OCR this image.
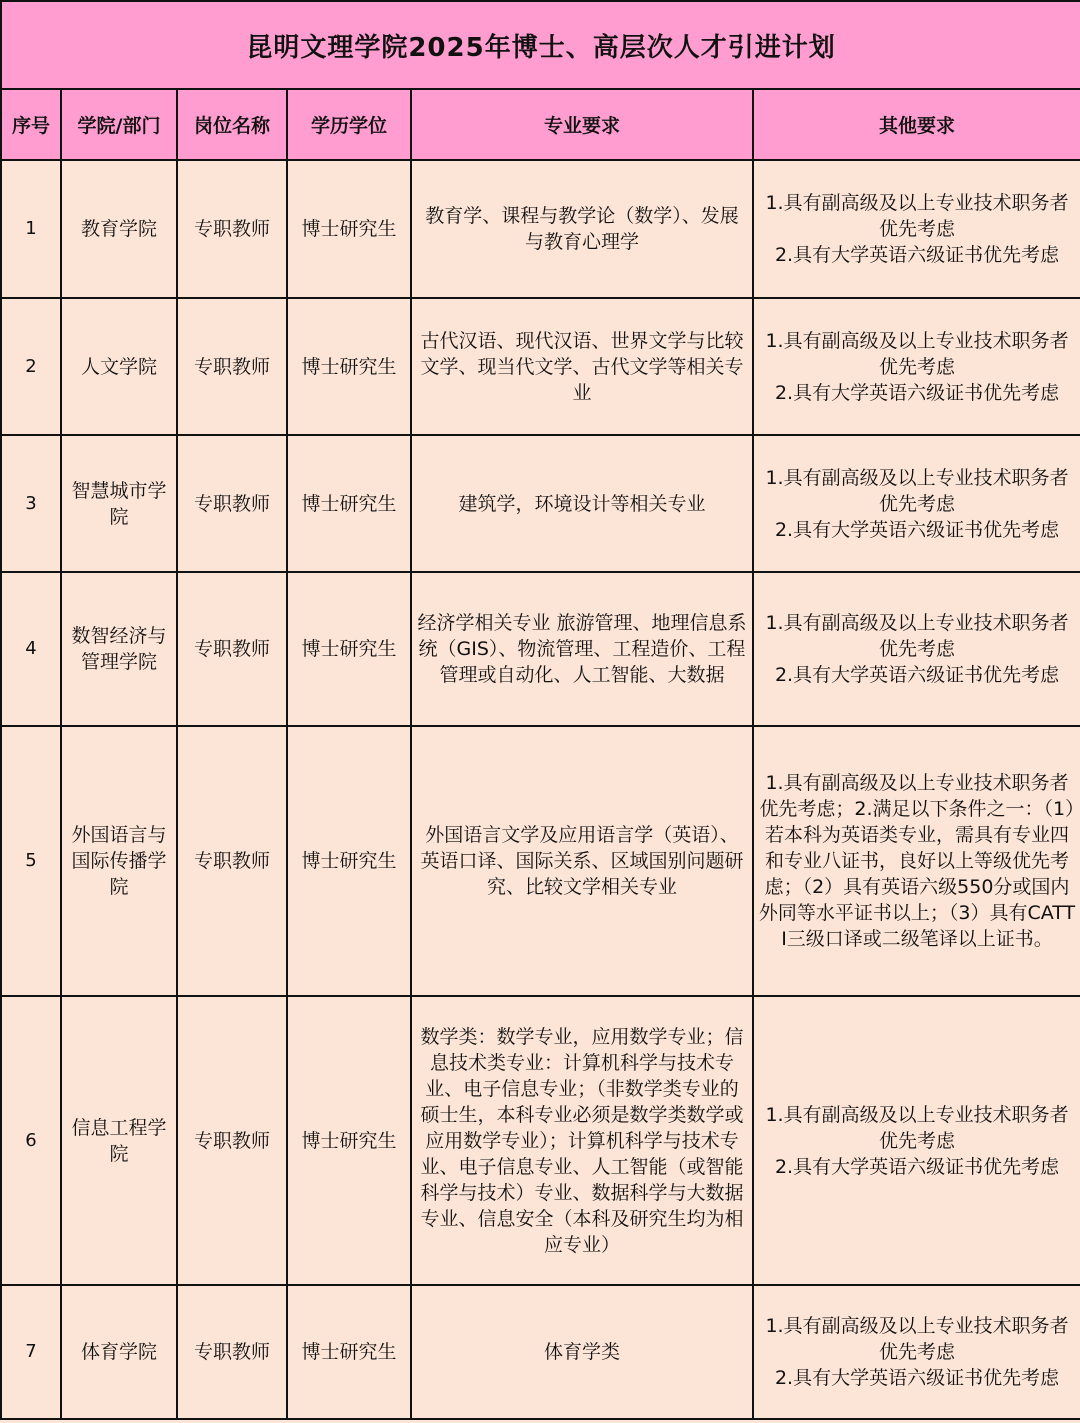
昆明文理学院2025年博士、高层次人才引进计划					
序号	学院/部门	岗位名称	学历学位	专业要求	其他要求
1	教育学院	专职教师	博士研究生	教育学、课程与教学论（数学）、发展与教育心理学	1.具有副高级及以上专业技术职务者优先考虑
2.具有大学英语六级证书优先考虑

2	人文学院	专职教师	博士研究生	古代汉语、现代汉语、世界文学与比较文学、现当代文学、古代文学等相关专业	1.具有副高级及以上专业技术职务者优先考虑
2.具有大学英语六级证书优先考虑

3	智慧城市学院	专职教师	博士研究生	建筑学，环境设计等相关专业	1.具有副高级及以上专业技术职务者优先考虑
2.具有大学英语六级证书优先考虑

4	数智经济与管理学院	专职教师	博士研究生	经济学相关专业 旅游管理、地理信息系统（GIS）、物流管理、工程造价、工程管理或自动化、人工智能、大数据	1.具有副高级及以上专业技术职务者优先考虑
2.具有大学英语六级证书优先考虑

5	外国语言与国际传播学院	专职教师	博士研究生	外国语言文学及应用语言学（英语）、英语口译、国际关系、区域国别问题研究、比较文学相关专业	1.具有副高级及以上专业技术职务者优先考虑；2.满足以下条件之一：（1）若本科为英语类专业，需具有专业四和专业八证书，良好以上等级优先考虑；（2）具有英语六级550分或国内外同等水平证书以上；（3）具有CATTI三级口译或二级笔译以上证书。

6	信息工程学院	专职教师	博士研究生	数学类：数学专业，应用数学专业；信息技术类专业：计算机科学与技术专业、电子信息专业；（非数学类专业的硕士生，本科专业必须是数学类数学或应用数学专业）；计算机科学与技术专业、电子信息专业、人工智能（或智能科学与技术）专业、数据科学与大数据专业、信息安全（本科及研究生均为相应专业）	1.具有副高级及以上专业技术职务者优先考虑
2.具有大学英语六级证书优先考虑

7	体育学院	专职教师	博士研究生	体育学类	1.具有副高级及以上专业技术职务者优先考虑
2.具有大学英语六级证书优先考虑
